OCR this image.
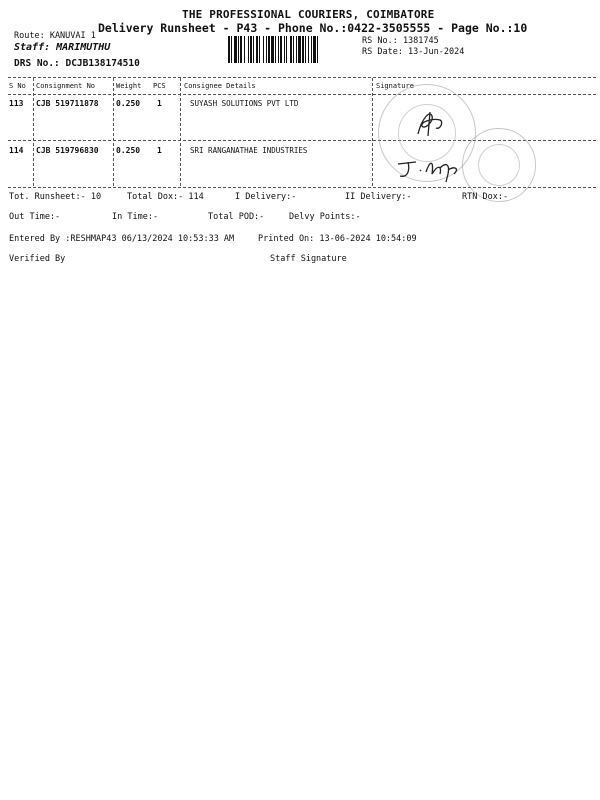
THE PROFESSIONAL COURIERS, COIMBATORE
Delivery Runsheet - P43 - Phone No.:0422-3505555 - Page No.:10
Route: KANUVAI 1
Staff: MARIMUTHU
DRS No.: DCJB138174510
RS No.: 1381745
RS Date: 13-Jun-2024
S No Consignment No	Weight PCS	Consignee Details	Signature
113 CJB 519711878 0.250 1	SUYASH SOLUTIONS PVT LTD
114 CJB 519796830 0.250 1	SRI RANGANATHAE INDUSTRIES
Tot. Runsheet:- 10	Total Dox:- 114	I Delivery:-	II Delivery:-	RTN Dox:-
Out Time:-	In Time:-	Total POD:-	Delvy Points:-
Entered By :RESHMAP43 06/13/2024 10:53:33 AM	Printed On: 13-06-2024 10:54:09
Verified By	Staff Signature
